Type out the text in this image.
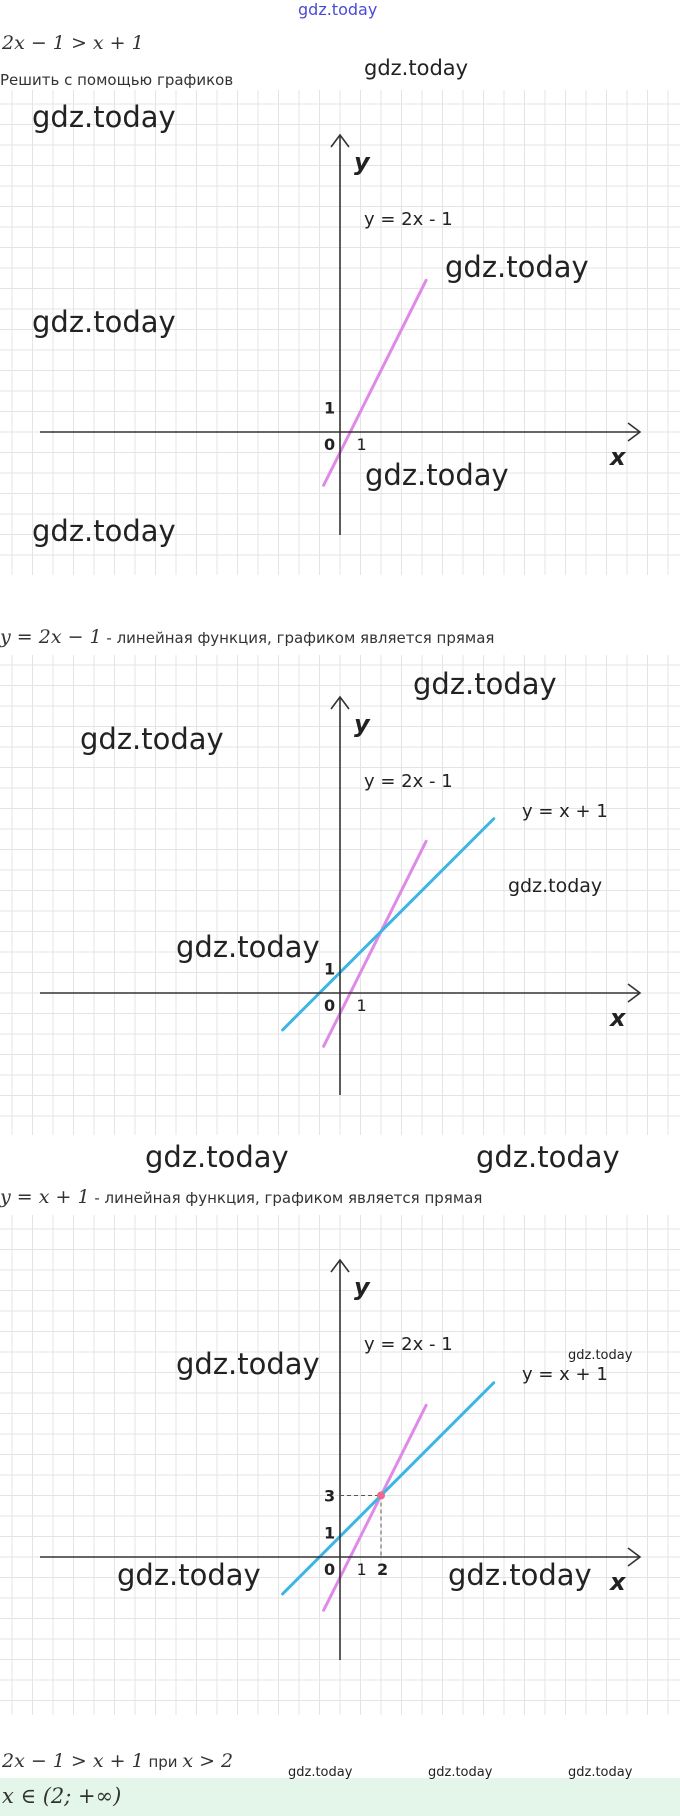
gdz.today
2x − 1 > x + 1
Решить с помощью графиков	gdz.today
x
y
0 1
1
y = 2x - 1
gdz.today
gdz.today
gdz.today
gdz.today
gdz.today
y = 2x − 1 - линейная функция, графиком является прямая
x
y
0 1
1
y = 2x - 1
y = x + 1
gdz.today
gdz.today
gdz.today
gdz.today
gdz.today	gdz.today
y = x + 1 - линейная функция, графиком является прямая
x
y
0 1
1
2
3
y = 2x - 1
y = x + 1
gdz.today	gdz.today
gdz.today	gdz.today
2x − 1 > x + 1 при x > 2
gdz.today	gdz.today	gdz.today
x ∈ (2; +∞)
